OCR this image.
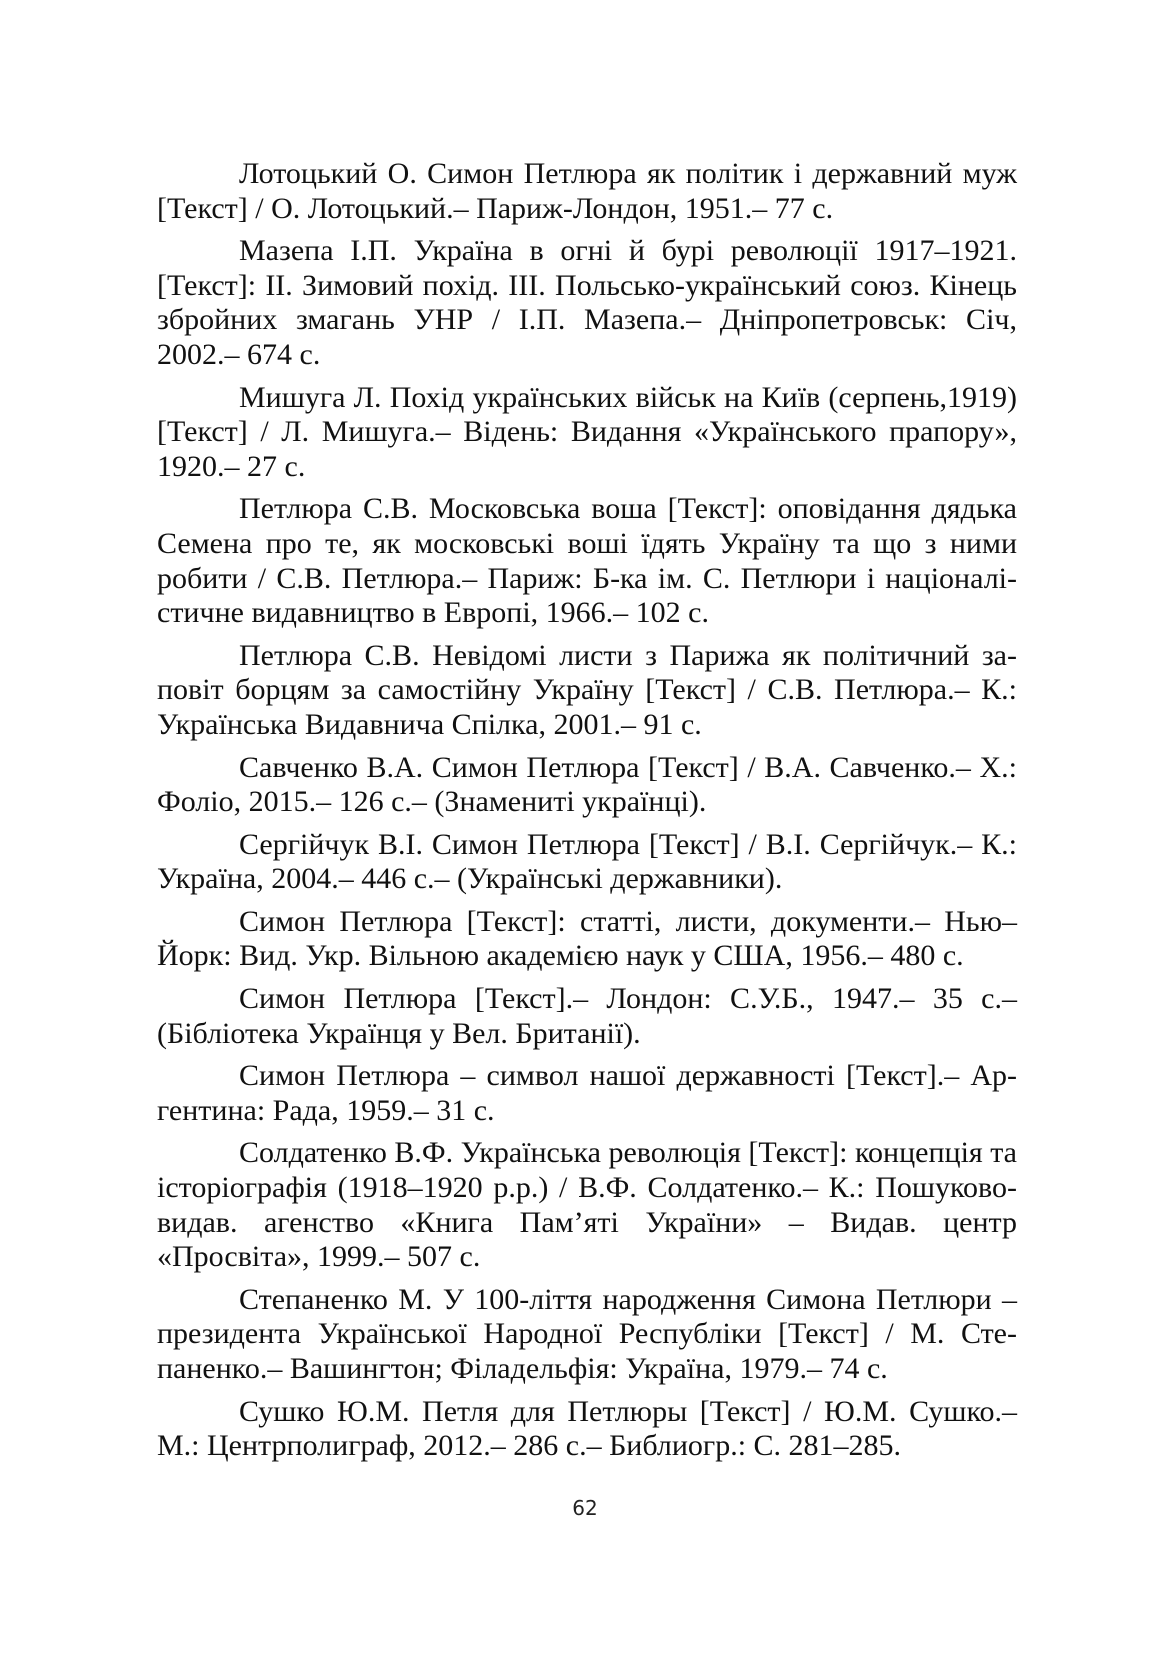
Лотоцький О. Симон Петлюра як політик і державний муж [Текст] / О. Лотоцький.– Париж-Лондон, 1951.– 77 с.

Мазепа І.П. Україна в огні й бурі революції 1917–1921. [Текст]: ІІ. Зимовий похід. ІІІ. Польсько-український союз. Кінець збройних змагань УНР / І.П. Мазепа.– Дніпропетровськ: Січ, 2002.– 674 с.

Мишуга Л. Похід українських військ на Київ (серпень,1919) [Текст] / Л. Мишуга.– Відень: Видання «Українського прапору», 1920.– 27 с.

Петлюра С.В. Московська воша [Текст]: оповідання дядька Семена про те, як московські воші їдять Україну та що з ними робити / С.В. Петлюра.– Париж: Б-ка ім. С. Петлюри і націоналістичне видавництво в Европі, 1966.– 102 с.

Петлюра С.В. Невідомі листи з Парижа як політичний заповіт борцям за самостійну Україну [Текст] / С.В. Петлюра.– К.: Українська Видавнича Спілка, 2001.– 91 с.

Савченко В.А. Симон Петлюра [Текст] / В.А. Савченко.– Х.: Фоліо, 2015.– 126 с.– (Знамениті українці).

Сергійчук В.І. Симон Петлюра [Текст] / В.І. Сергійчук.– К.: Україна, 2004.– 446 с.– (Українські державники).

Симон Петлюра [Текст]: статті, листи, документи.– Нью–Йорк: Вид. Укр. Вільною академією наук у США, 1956.– 480 с.

Симон Петлюра [Текст].– Лондон: С.У.Б., 1947.– 35 с.– (Бібліотека Українця у Вел. Британії).

Симон Петлюра – символ нашої державності [Текст].– Аргентина: Рада, 1959.– 31 с.

Солдатенко В.Ф. Українська революція [Текст]: концепція та історіографія (1918–1920 р.р.) / В.Ф. Солдатенко.– К.: Пошуково-видав. агенство «Книга Пам’яті України» – Видав. центр «Просвіта», 1999.– 507 с.

Степаненко М. У 100-ліття народження Симона Петлюри – президента Української Народної Республіки [Текст] / М. Степаненко.– Вашингтон; Філадельфія: Україна, 1979.– 74 с.

Сушко Ю.М. Петля для Петлюры [Текст] / Ю.М. Сушко.– М.: Центрполиграф, 2012.– 286 с.– Библиогр.: С. 281–285.

62
